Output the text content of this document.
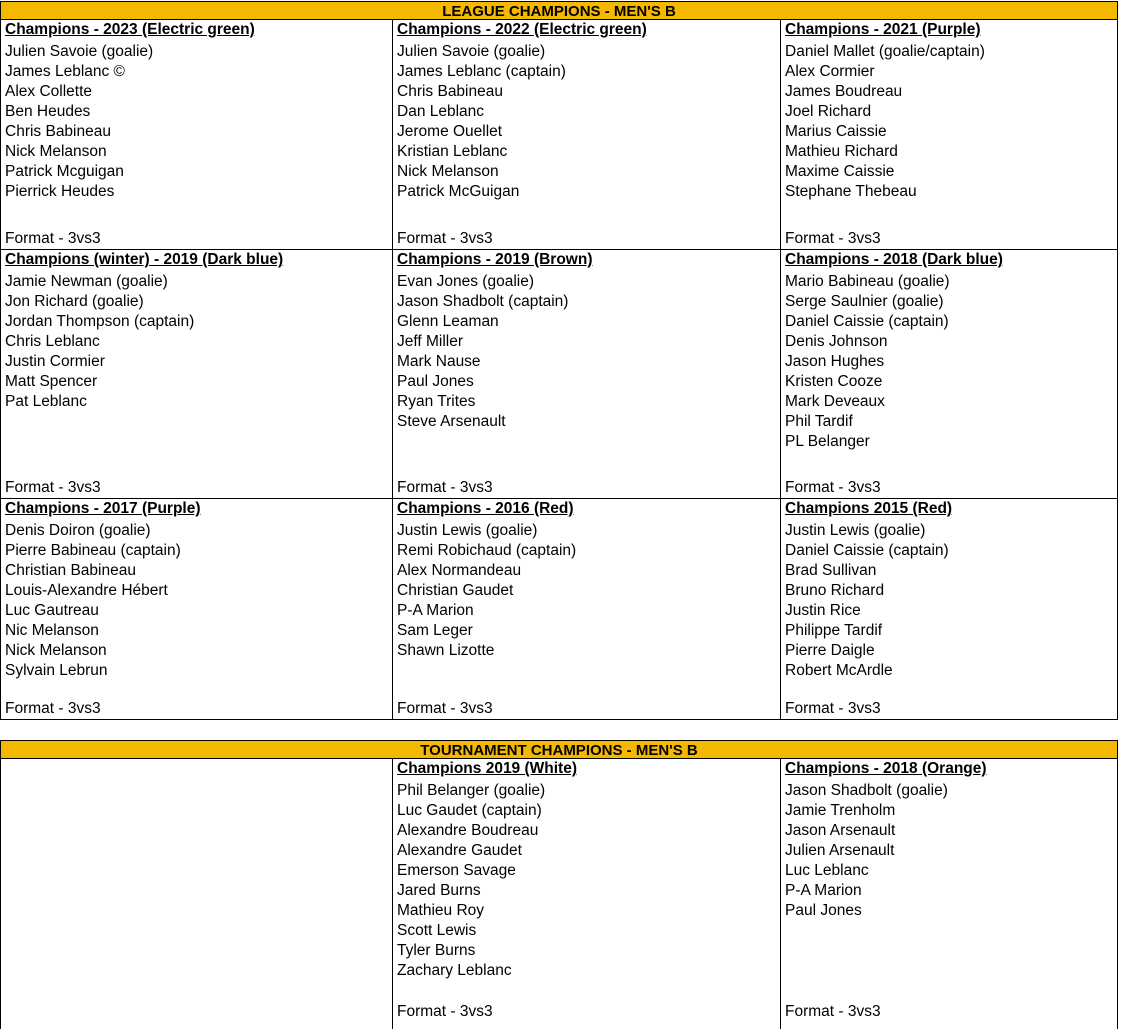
LEAGUE CHAMPIONS - MEN'S B
Champions - 2023 (Electric green)
Julien Savoie (goalie)
James Leblanc ©
Alex Collette
Ben Heudes
Chris Babineau
Nick Melanson
Patrick Mcguigan
Pierrick Heudes
Format - 3vs3
Champions - 2022 (Electric green)
Julien Savoie (goalie)
James Leblanc (captain)
Chris Babineau
Dan Leblanc
Jerome Ouellet
Kristian Leblanc
Nick Melanson
Patrick McGuigan
Format - 3vs3
Champions - 2021 (Purple)
Daniel Mallet (goalie/captain)
Alex Cormier
James Boudreau
Joel Richard
Marius Caissie
Mathieu Richard
Maxime Caissie
Stephane Thebeau
Format - 3vs3
Champions (winter) - 2019 (Dark blue)
Jamie Newman (goalie)
Jon Richard (goalie)
Jordan Thompson (captain)
Chris Leblanc
Justin Cormier
Matt Spencer
Pat Leblanc
Format - 3vs3
Champions - 2019 (Brown)
Evan Jones (goalie)
Jason Shadbolt (captain)
Glenn Leaman
Jeff Miller
Mark Nause
Paul Jones
Ryan Trites
Steve Arsenault
Format - 3vs3
Champions - 2018 (Dark blue)
Mario Babineau (goalie)
Serge Saulnier (goalie)
Daniel Caissie (captain)
Denis Johnson
Jason Hughes
Kristen Cooze
Mark Deveaux
Phil Tardif
PL Belanger
Format - 3vs3
Champions - 2017 (Purple)
Denis Doiron (goalie)
Pierre Babineau (captain)
Christian Babineau
Louis-Alexandre Hébert
Luc Gautreau
Nic Melanson
Nick Melanson
Sylvain Lebrun
Format - 3vs3
Champions - 2016 (Red)
Justin Lewis (goalie)
Remi Robichaud (captain)
Alex Normandeau
Christian Gaudet
P-A Marion
Sam Leger
Shawn Lizotte
Format - 3vs3
Champions 2015 (Red)
Justin Lewis (goalie)
Daniel Caissie (captain)
Brad Sullivan
Bruno Richard
Justin Rice
Philippe Tardif
Pierre Daigle
Robert McArdle
Format - 3vs3
TOURNAMENT CHAMPIONS - MEN'S B
Champions 2019 (White)
Phil Belanger (goalie)
Luc Gaudet (captain)
Alexandre Boudreau
Alexandre Gaudet
Emerson Savage
Jared Burns
Mathieu Roy
Scott Lewis
Tyler Burns
Zachary Leblanc
Format - 3vs3
Champions - 2018 (Orange)
Jason Shadbolt (goalie)
Jamie Trenholm
Jason Arsenault
Julien Arsenault
Luc Leblanc
P-A Marion
Paul Jones
Format - 3vs3
